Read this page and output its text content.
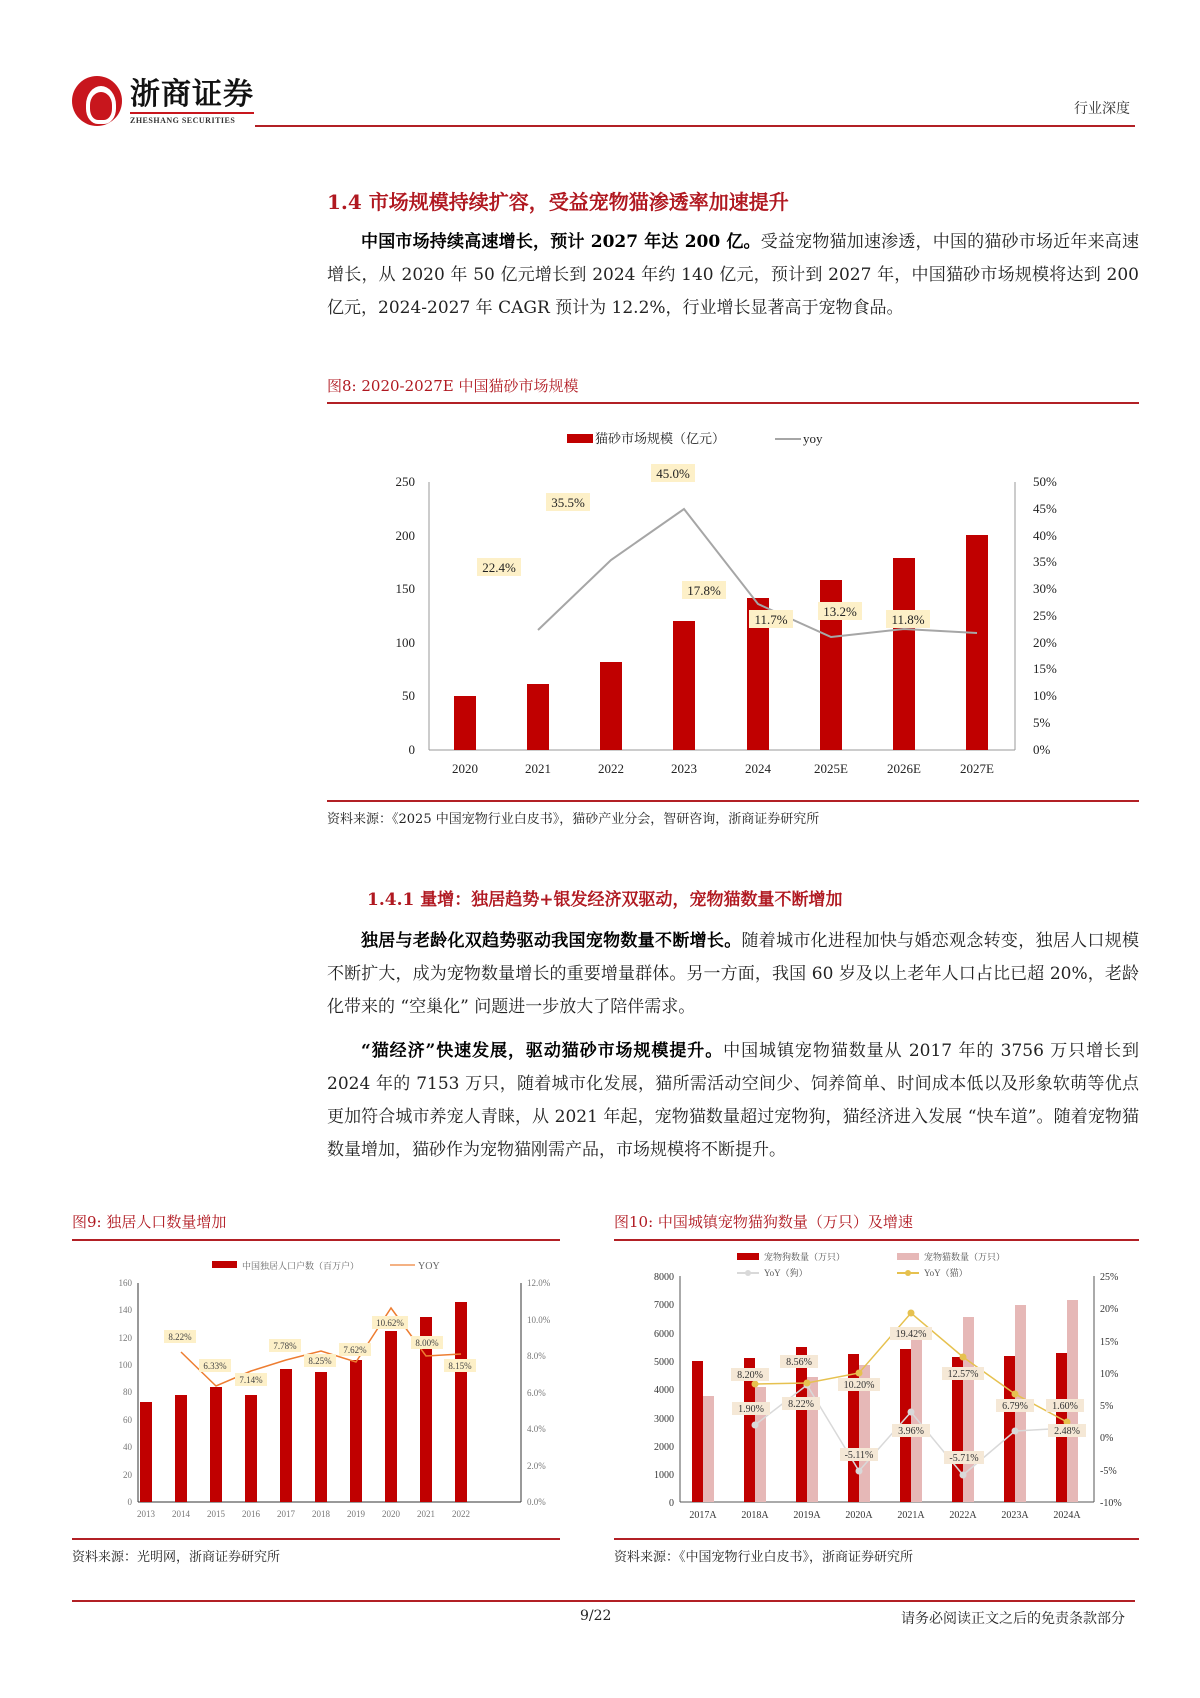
浙商证券
ZHESHANG SECURITIES
行业深度
1.4 市场规模持续扩容，受益宠物猫渗透率加速提升
中国市场持续高速增长，预计 2027 年达 200 亿。受益宠物猫加速渗透，中国的猫砂市场近年来高速增长，从 2020 年 50 亿元增长到 2024 年约 140 亿元，预计到 2027 年，中国猫砂市场规模将达到 200 亿元，2024-2027 年 CAGR 预计为 12.2%，行业增长显著高于宠物食品。
图8: 2020-2027E 中国猫砂市场规模
猫砂市场规模（亿元）	yoy
0
50
100
150
200
250
0%
5%
10%
15%
20%
25%
30%
35%
40%
45%
50%
22.4%
35.5%
45.0%
17.8%
11.7%
13.2%
11.8%
2020	2021	2022	2023	2024	2025E	2026E	2027E
资料来源：《2025 中国宠物行业白皮书》，猫砂产业分会，智研咨询，浙商证券研究所
1.4.1 量增：独居趋势+银发经济双驱动，宠物猫数量不断增加
独居与老龄化双趋势驱动我国宠物数量不断增长。随着城市化进程加快与婚恋观念转变，独居人口规模不断扩大，成为宠物数量增长的重要增量群体。另一方面，我国 60 岁及以上老年人口占比已超 20%，老龄化带来的 “空巢化” 问题进一步放大了陪伴需求。
“猫经济”快速发展，驱动猫砂市场规模提升。中国城镇宠物猫数量从 2017 年的 3756 万只增长到 2024 年的 7153 万只，随着城市化发展，猫所需活动空间少、饲养简单、时间成本低以及形象软萌等优点更加符合城市养宠人青睐，从 2021 年起，宠物猫数量超过宠物狗，猫经济进入发展 “快车道”。随着宠物猫数量增加，猫砂作为宠物猫刚需产品，市场规模将不断提升。
图9: 独居人口数量增加
中国独居人口户数（百万户）	YOY
0
20
40
60
80
100
120
140
160
0.0%
2.0%
4.0%
6.0%
8.0%
10.0%
12.0%
8.22%
6.33%
7.14%
7.78%
8.25%
7.62%
10.62%
8.00%
8.15%
2013 2014 2015 2016 2017 2018 2019 2020 2021 2022
资料来源：光明网，浙商证券研究所
图10: 中国城镇宠物猫狗数量（万只）及增速
宠物狗数量（万只）	宠物猫数量（万只）
YoY（狗）	YoY（猫）
0
1000
2000
3000
4000
5000
6000
7000
8000
-10%
-5%
0%
5%
10%
15%
20%
25%
8.20%
1.90%
8.56%
8.22%
10.20%
-5.11%
19.42%
3.96%
12.57%
-5.71%
6.79% 1.60%
2.48%
2017A 2018A 2019A 2020A 2021A 2022A 2023A 2024A
资料来源：《中国宠物行业白皮书》，浙商证券研究所
9/22	请务必阅读正文之后的免责条款部分
